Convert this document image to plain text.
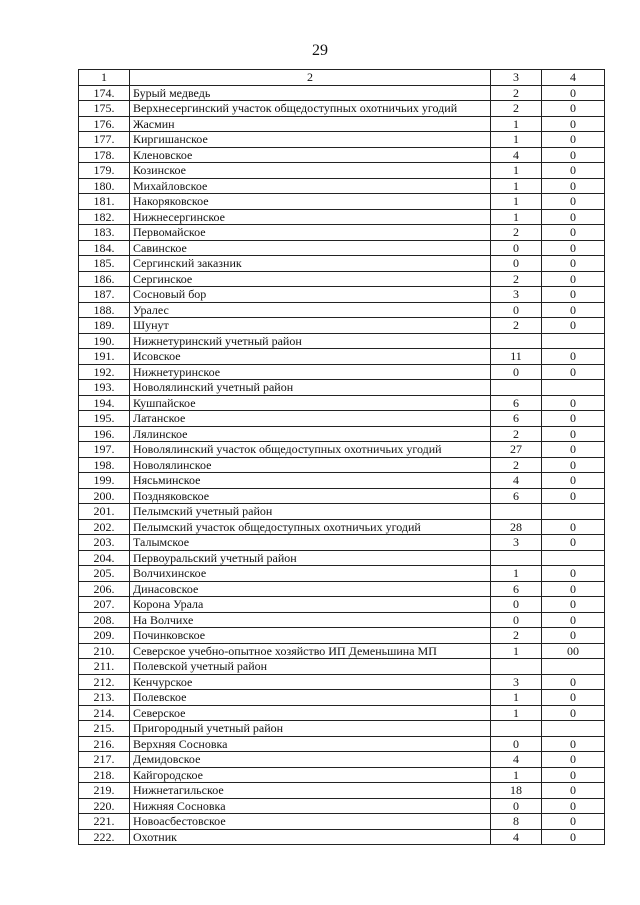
29
1	2	3	4
174.	Бурый медведь	2	0
175.	Верхнесергинский участок общедоступных охотничьих угодий	2	0
176.	Жасмин	1	0
177.	Киргишанское	1	0
178.	Кленовское	4	0
179.	Козинское	1	0
180.	Михайловское	1	0
181.	Накоряковское	1	0
182.	Нижнесергинское	1	0
183.	Первомайское	2	0
184.	Савинское	0	0
185.	Сергинский заказник	0	0
186.	Сергинское	2	0
187.	Сосновый бор	3	0
188.	Уралес	0	0
189.	Шунут	2	0
190.	Нижнетуринский учетный район		
191.	Исовское	11	0
192.	Нижнетуринское	0	0
193.	Новолялинский учетный район		
194.	Кушпайское	6	0
195.	Латанское	6	0
196.	Лялинское	2	0
197.	Новолялинский участок общедоступных охотничьих угодий	27	0
198.	Новолялинское	2	0
199.	Нясьминское	4	0
200.	Поздняковское	6	0
201.	Пелымский учетный район		
202.	Пелымский участок общедоступных охотничьих угодий	28	0
203.	Талымское	3	0
204.	Первоуральский учетный район		
205.	Волчихинское	1	0
206.	Динасовское	6	0
207.	Корона Урала	0	0
208.	На Волчихе	0	0
209.	Починковское	2	0
210.	Северское учебно-опытное хозяйство ИП Деменьшина МП	1	00
211.	Полевской учетный район		
212.	Кенчурское	3	0
213.	Полевское	1	0
214.	Северское	1	0
215.	Пригородный учетный район		
216.	Верхняя Сосновка	0	0
217.	Демидовское	4	0
218.	Кайгородское	1	0
219.	Нижнетагильское	18	0
220.	Нижняя Сосновка	0	0
221.	Новоасбестовское	8	0
222.	Охотник	4	0
